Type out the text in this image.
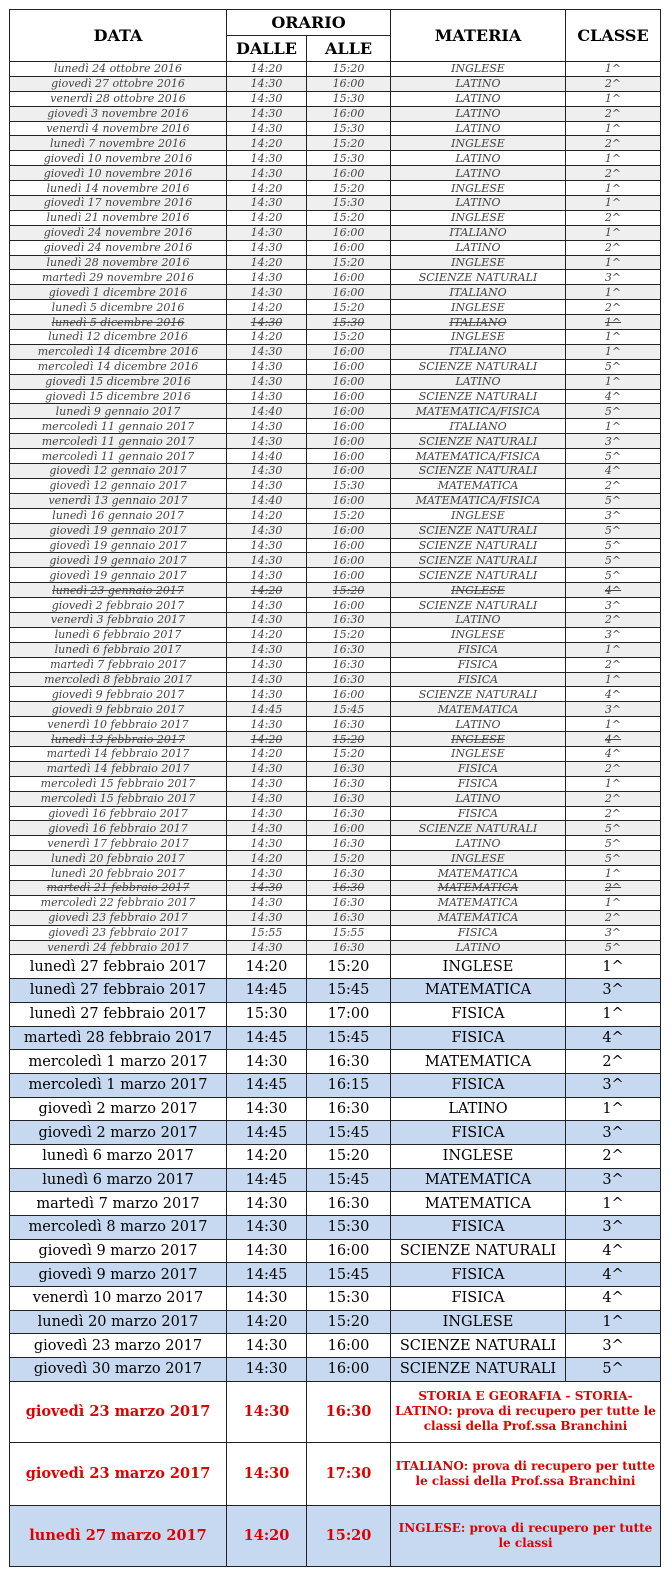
DATA	ORARIO		MATERIA	CLASSE
	DALLE	ALLE		
lunedì 24 ottobre 2016	14:20	15:20	INGLESE	1^
giovedì 27 ottobre 2016	14:30	16:00	LATINO	2^
venerdì 28 ottobre 2016	14:30	15:30	LATINO	1^
giovedì 3 novembre 2016	14:30	16:00	LATINO	2^
venerdì 4 novembre 2016	14:30	15:30	LATINO	1^
lunedì 7 novembre 2016	14:20	15:20	INGLESE	2^
giovedì 10 novembre 2016	14:30	15:30	LATINO	1^
giovedì 10 novembre 2016	14:30	16:00	LATINO	2^
lunedì 14 novembre 2016	14:20	15:20	INGLESE	1^
giovedì 17 novembre 2016	14:30	15:30	LATINO	1^
lunedì 21 novembre 2016	14:20	15:20	INGLESE	2^
giovedì 24 novembre 2016	14:30	16:00	ITALIANO	1^
giovedì 24 novembre 2016	14:30	16:00	LATINO	2^
lunedì 28 novembre 2016	14:20	15:20	INGLESE	1^
martedì 29 novembre 2016	14:30	16:00	SCIENZE NATURALI	3^
giovedì 1 dicembre 2016	14:30	16:00	ITALIANO	1^
lunedì 5 dicembre 2016	14:20	15:20	INGLESE	2^
lunedì 5 dicembre 2016	14:30	15:30	ITALIANO	1^
lunedì 12 dicembre 2016	14:20	15:20	INGLESE	1^
mercoledì 14 dicembre 2016	14:30	16:00	ITALIANO	1^
mercoledì 14 dicembre 2016	14:30	16:00	SCIENZE NATURALI	5^
giovedì 15 dicembre 2016	14:30	16:00	LATINO	1^
giovedì 15 dicembre 2016	14:30	16:00	SCIENZE NATURALI	4^
lunedì 9 gennaio 2017	14:40	16:00	MATEMATICA/FISICA	5^
mercoledì 11 gennaio 2017	14:30	16:00	ITALIANO	1^
mercoledì 11 gennaio 2017	14:30	16:00	SCIENZE NATURALI	3^
mercoledì 11 gennaio 2017	14:40	16:00	MATEMATICA/FISICA	5^
giovedì 12 gennaio 2017	14:30	16:00	SCIENZE NATURALI	4^
giovedì 12 gennaio 2017	14:30	15:30	MATEMATICA	2^
venerdì 13 gennaio 2017	14:40	16:00	MATEMATICA/FISICA	5^
lunedì 16 gennaio 2017	14:20	15:20	INGLESE	3^
giovedì 19 gennaio 2017	14:30	16:00	SCIENZE NATURALI	5^
giovedì 19 gennaio 2017	14:30	16:00	SCIENZE NATURALI	5^
giovedì 19 gennaio 2017	14:30	16:00	SCIENZE NATURALI	5^
giovedì 19 gennaio 2017	14:30	16:00	SCIENZE NATURALI	5^
lunedì 23 gennaio 2017	14:20	15:20	INGLESE	4^
giovedì 2 febbraio 2017	14:30	16:00	SCIENZE NATURALI	3^
venerdì 3 febbraio 2017	14:30	16:30	LATINO	2^
lunedì 6 febbraio 2017	14:20	15:20	INGLESE	3^
lunedì 6 febbraio 2017	14:30	16:30	FISICA	1^
martedì 7 febbraio 2017	14:30	16:30	FISICA	2^
mercoledì 8 febbraio 2017	14:30	16:30	FISICA	1^
giovedì 9 febbraio 2017	14:30	16:00	SCIENZE NATURALI	4^
giovedì 9 febbraio 2017	14:45	15:45	MATEMATICA	3^
venerdì 10 febbraio 2017	14:30	16:30	LATINO	1^
lunedì 13 febbraio 2017	14:20	15:20	INGLESE	4^
martedì 14 febbraio 2017	14:20	15:20	INGLESE	4^
martedì 14 febbraio 2017	14:30	16:30	FISICA	2^
mercoledì 15 febbraio 2017	14:30	16:30	FISICA	1^
mercoledì 15 febbraio 2017	14:30	16:30	LATINO	2^
giovedì 16 febbraio 2017	14:30	16:30	FISICA	2^
giovedì 16 febbraio 2017	14:30	16:00	SCIENZE NATURALI	5^
venerdì 17 febbraio 2017	14:30	16:30	LATINO	5^
lunedì 20 febbraio 2017	14:20	15:20	INGLESE	5^
lunedì 20 febbraio 2017	14:30	16:30	MATEMATICA	1^
martedì 21 febbraio 2017	14:30	16:30	MATEMATICA	2^
mercoledì 22 febbraio 2017	14:30	16:30	MATEMATICA	1^
giovedì 23 febbraio 2017	14:30	16:30	MATEMATICA	2^
giovedì 23 febbraio 2017	15:55	15:55	FISICA	3^
venerdì 24 febbraio 2017	14:30	16:30	LATINO	5^
lunedì 27 febbraio 2017	14:20	15:20	INGLESE	1^
lunedì 27 febbraio 2017	14:45	15:45	MATEMATICA	3^
lunedì 27 febbraio 2017	15:30	17:00	FISICA	1^
martedì 28 febbraio 2017	14:45	15:45	FISICA	4^
mercoledì 1 marzo 2017	14:30	16:30	MATEMATICA	2^
mercoledì 1 marzo 2017	14:45	16:15	FISICA	3^
giovedì 2 marzo 2017	14:30	16:30	LATINO	1^
giovedì 2 marzo 2017	14:45	15:45	FISICA	3^
lunedì 6 marzo 2017	14:20	15:20	INGLESE	2^
lunedì 6 marzo 2017	14:45	15:45	MATEMATICA	3^
martedì 7 marzo 2017	14:30	16:30	MATEMATICA	1^
mercoledì 8 marzo 2017	14:30	15:30	FISICA	3^
giovedì 9 marzo 2017	14:30	16:00	SCIENZE NATURALI	4^
giovedì 9 marzo 2017	14:45	15:45	FISICA	4^
venerdì 10 marzo 2017	14:30	15:30	FISICA	4^
lunedì 20 marzo 2017	14:20	15:20	INGLESE	1^
giovedì 23 marzo 2017	14:30	16:00	SCIENZE NATURALI	3^
giovedì 30 marzo 2017	14:30	16:00	SCIENZE NATURALI	5^
giovedì 23 marzo 2017	14:30	16:30	STORIA E GEORAFIA - STORIA-LATINO: prova di recupero per tutte le classi della Prof.ssa Branchini	
giovedì 23 marzo 2017	14:30	17:30	ITALIANO: prova di recupero per tutte le classi della Prof.ssa Branchini	
lunedì 27 marzo 2017	14:20	15:20	INGLESE: prova di recupero per tutte le classi	
